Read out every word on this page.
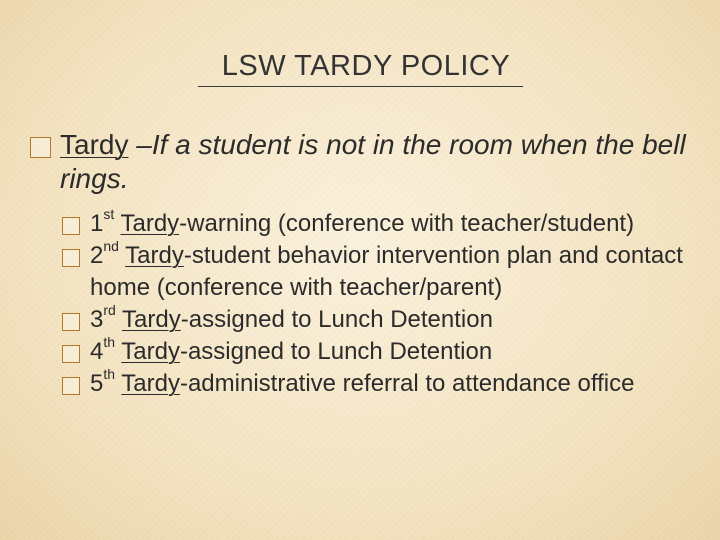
LSW TARDY POLICY
Tardy –If a student is not in the room when the bell rings.
1st Tardy-warning (conference with teacher/student)
2nd Tardy-student behavior intervention plan and contact home (conference with teacher/parent)
3rd Tardy-assigned to Lunch Detention
4th Tardy-assigned to Lunch Detention
5th Tardy-administrative referral to attendance office
